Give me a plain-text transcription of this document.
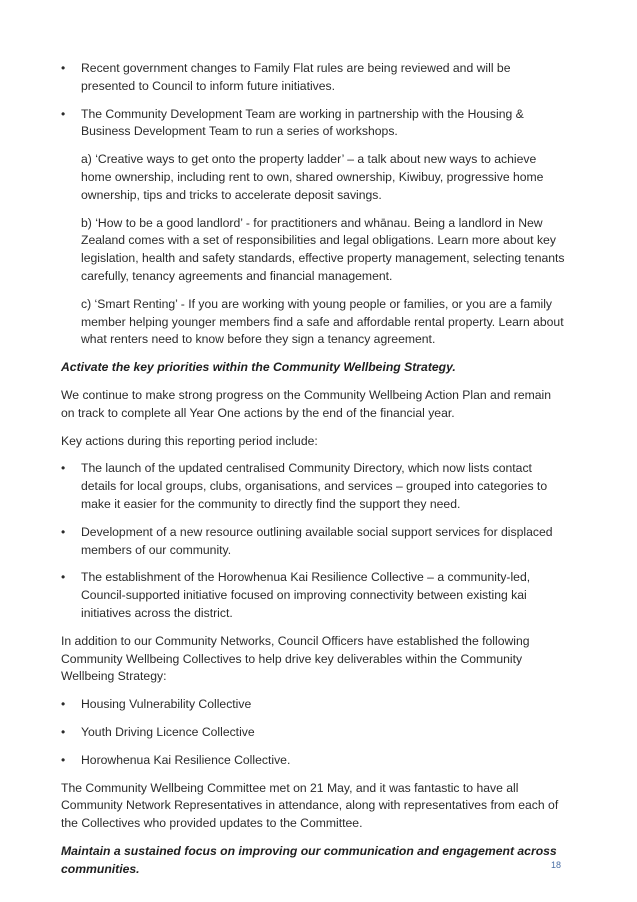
•	Recent government changes to Family Flat rules are being reviewed and will be presented to Council to inform future initiatives.
•	The Community Development Team are working in partnership with the Housing & Business Development Team to run a series of workshops.
a) ‘Creative ways to get onto the property ladder’ – a talk about new ways to achieve home ownership, including rent to own, shared ownership, Kiwibuy, progressive home ownership, tips and tricks to accelerate deposit savings.
b) ‘How to be a good landlord’ - for practitioners and whānau. Being a landlord in New Zealand comes with a set of responsibilities and legal obligations. Learn more about key legislation, health and safety standards, effective property management, selecting tenants carefully, tenancy agreements and financial management.
c) ‘Smart Renting’ - If you are working with young people or families, or you are a family member helping younger members find a safe and affordable rental property. Learn about what renters need to know before they sign a tenancy agreement.
Activate the key priorities within the Community Wellbeing Strategy.
We continue to make strong progress on the Community Wellbeing Action Plan and remain on track to complete all Year One actions by the end of the financial year.
Key actions during this reporting period include:
•	The launch of the updated centralised Community Directory, which now lists contact details for local groups, clubs, organisations, and services – grouped into categories to make it easier for the community to directly find the support they need.
•	Development of a new resource outlining available social support services for displaced members of our community.
•	The establishment of the Horowhenua Kai Resilience Collective – a community-led, Council-supported initiative focused on improving connectivity between existing kai initiatives across the district.
In addition to our Community Networks, Council Officers have established the following Community Wellbeing Collectives to help drive key deliverables within the Community Wellbeing Strategy:
•	Housing Vulnerability Collective
•	Youth Driving Licence Collective
•	Horowhenua Kai Resilience Collective.
The Community Wellbeing Committee met on 21 May, and it was fantastic to have all Community Network Representatives in attendance, along with representatives from each of the Collectives who provided updates to the Committee.
Maintain a sustained focus on improving our communication and engagement across communities.	18
